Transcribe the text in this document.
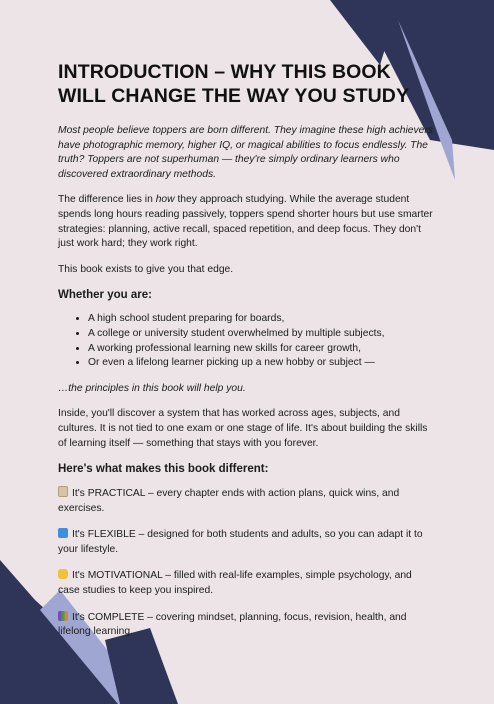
INTRODUCTION – WHY THIS BOOK WILL CHANGE THE WAY YOU STUDY

Most people believe toppers are born different. They imagine these high achievers have photographic memory, higher IQ, or magical abilities to focus endlessly. The truth? Toppers are not superhuman — they're simply ordinary learners who discovered extraordinary methods.

The difference lies in how they approach studying. While the average student spends long hours reading passively, toppers spend shorter hours but use smarter strategies: planning, active recall, spaced repetition, and deep focus. They don't just work hard; they work right.

This book exists to give you that edge.

Whether you are:
• A high school student preparing for boards,
• A college or university student overwhelmed by multiple subjects,
• A working professional learning new skills for career growth,
• Or even a lifelong learner picking up a new hobby or subject —

…the principles in this book will help you.

Inside, you'll discover a system that has worked across ages, subjects, and cultures. It is not tied to one exam or one stage of life. It's about building the skills of learning itself — something that stays with you forever.

Here's what makes this book different:

It's PRACTICAL – every chapter ends with action plans, quick wins, and exercises.

It's FLEXIBLE – designed for both students and adults, so you can adapt it to your lifestyle.

It's MOTIVATIONAL – filled with real-life examples, simple psychology, and case studies to keep you inspired.

It's COMPLETE – covering mindset, planning, focus, revision, health, and lifelong learning.
